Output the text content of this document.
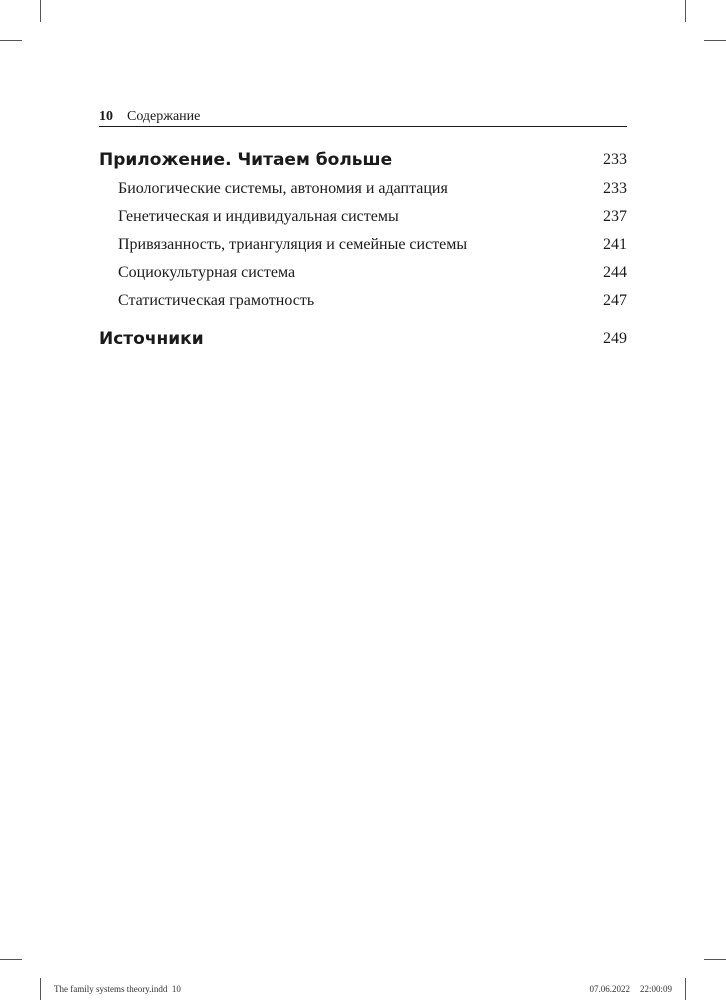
10 Содержание
Приложение. Читаем больше	233
Биологические системы, автономия и адаптация	233
Генетическая и индивидуальная системы	237
Привязанность, триангуляция и семейные системы	241
Социокультурная система	244
Статистическая грамотность	247
Источники	249
The family systems theory.indd 10	07.06.2022 22:00:09
